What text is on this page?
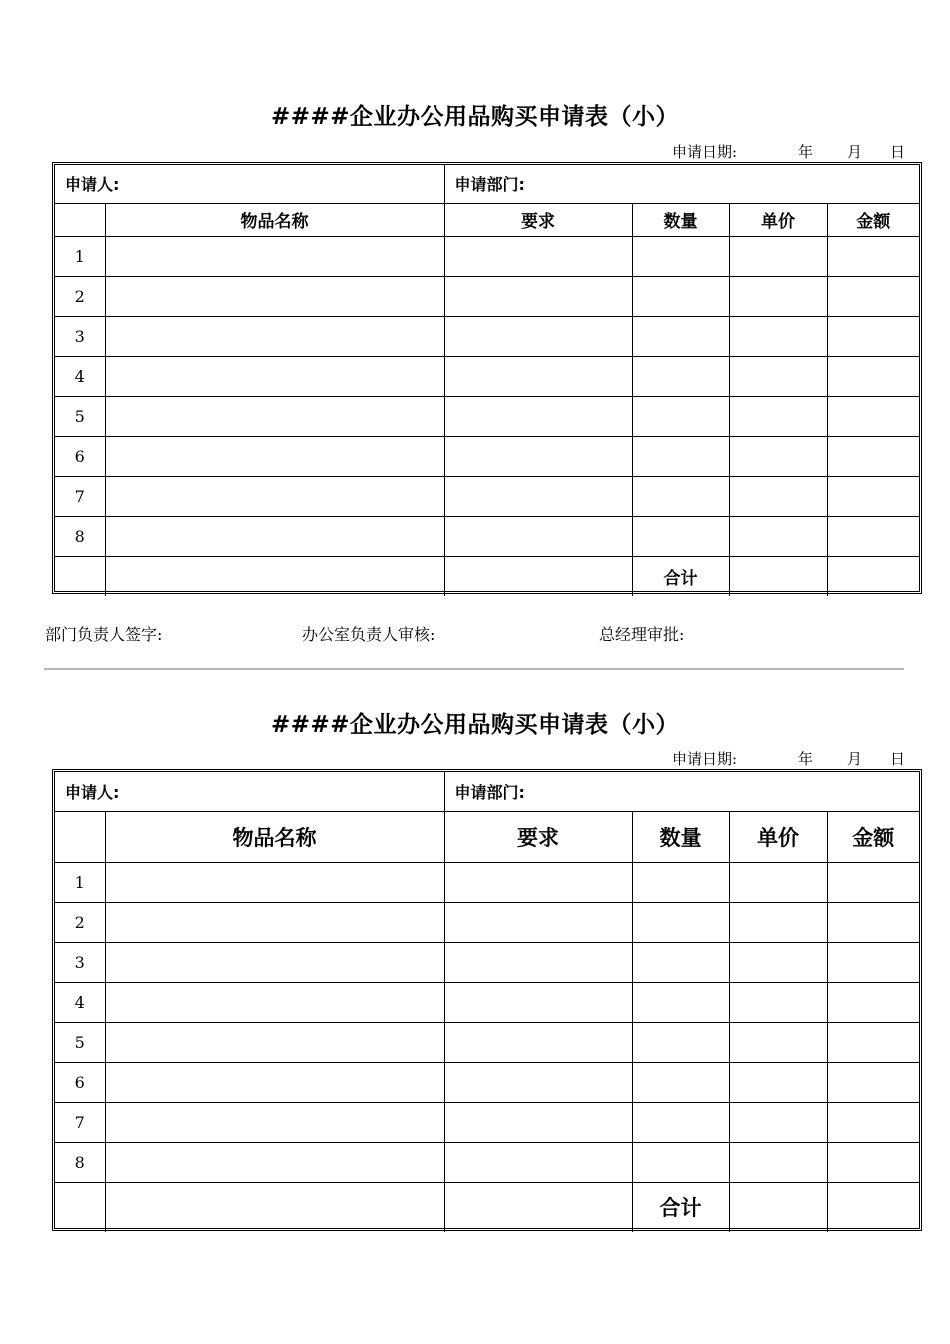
####企业办公用品购买申请表（小）
申请日期:	年 月 日
申请人:		申请部门:			
	物品名称	要求	数量	单价	金额
1					
2					
3					
4					
5					
6					
7					
8					
			合计		
部门负责人签字:	办公室负责人审核:	总经理审批:
####企业办公用品购买申请表（小）
申请日期:	年 月 日
申请人:		申请部门:			
	物品名称	要求	数量	单价	金额
1					
2					
3					
4					
5					
6					
7					
8					
			合计		
